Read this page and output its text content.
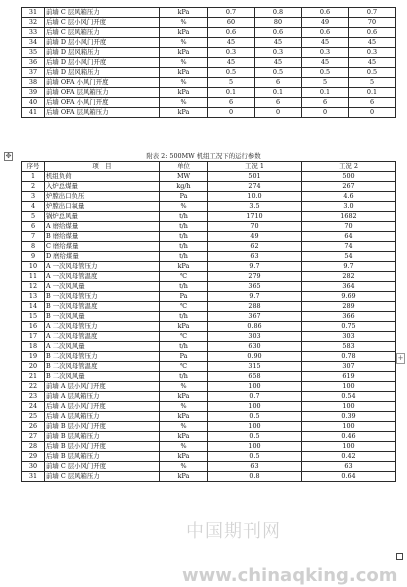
31	前墙 C 层风箱压力	kPa	0.7	0.8	0.6	0.7
32	后墙 C 层小风门开度	%	60	80	49	70
33	后墙 C 层风箱压力	kPa	0.6	0.6	0.6	0.6
34	前墙 D 层小风门开度	%	45	45	45	45
35	前墙 D 层风箱压力	kPa	0.3	0.3	0.3	0.3
36	后墙 D 层小风门开度	%	45	45	45	45
37	后墙 D 层风箱压力	kPa	0.5	0.5	0.5	0.5
38	前墙 OFA 小风门开度	%	5	6	5	5
39	前墙 OFA 层风箱压力	kPa	0.1	0.1	0.1	0.1
40	后墙 OFA 小风门开度	%	6	6	6	6
41	后墙 OFA 层风箱压力	kPa	0	0	0	0
✥	附表 2: 500MW 机组工况下的运行参数
序号	项　目	单位	工况 1	工况 2
1	机组负荷	MW	501	500
2	入炉总煤量	kg/h	274	267
3	炉膛出口负压	Pa	10.0	4.6
4	炉膛出口氧量	%	3.5	3.0
5	锅炉总风量	t/h	1710	1682
6	A 磨给煤量	t/h	70	70
7	B 磨给煤量	t/h	49	64
8	C 磨给煤量	t/h	62	74
9	D 磨给煤量	t/h	63	54
10	A 一次风母管压力	kPa	9.7	9.7
11	A 一次风母管温度	℃	279	282
12	A 一次风风量	t/h	365	364
13	B 一次风母管压力	Pa	9.7	9.69
14	B 一次风母管温度	℃	288	289
15	B 一次风风量	t/h	367	366
16	A 二次风母管压力	kPa	0.86	0.75
17	A 二次风母管温度	℃	303	303
18	A 二次风风量	t/h	630	583
19	B 二次风母管压力	Pa	0.90	0.78
20	B 二次风母管温度	℃	315	307
21	B 二次风风量	t/h	658	619
22	前墙 A 层小风门开度	%	100	100
23	前墙 A 层风箱压力	kPa	0.7	0.54
24	后墙 A 层小风门开度	%	100	100
25	后墙 A 层风箱压力	kPa	0.5	0.39
26	前墙 B 层小风门开度	%	100	100
27	前墙 B 层风箱压力	kPa	0.5	0.46
28	后墙 B 层小风门开度	%	100	100
29	后墙 B 层风箱压力	kPa	0.5	0.42
30	前墙 C 层小风门开度	%	63	63
31	前墙 C 层风箱压力	kPa	0.8	0.64
+
中国期刊网
www.chinaqking.com
